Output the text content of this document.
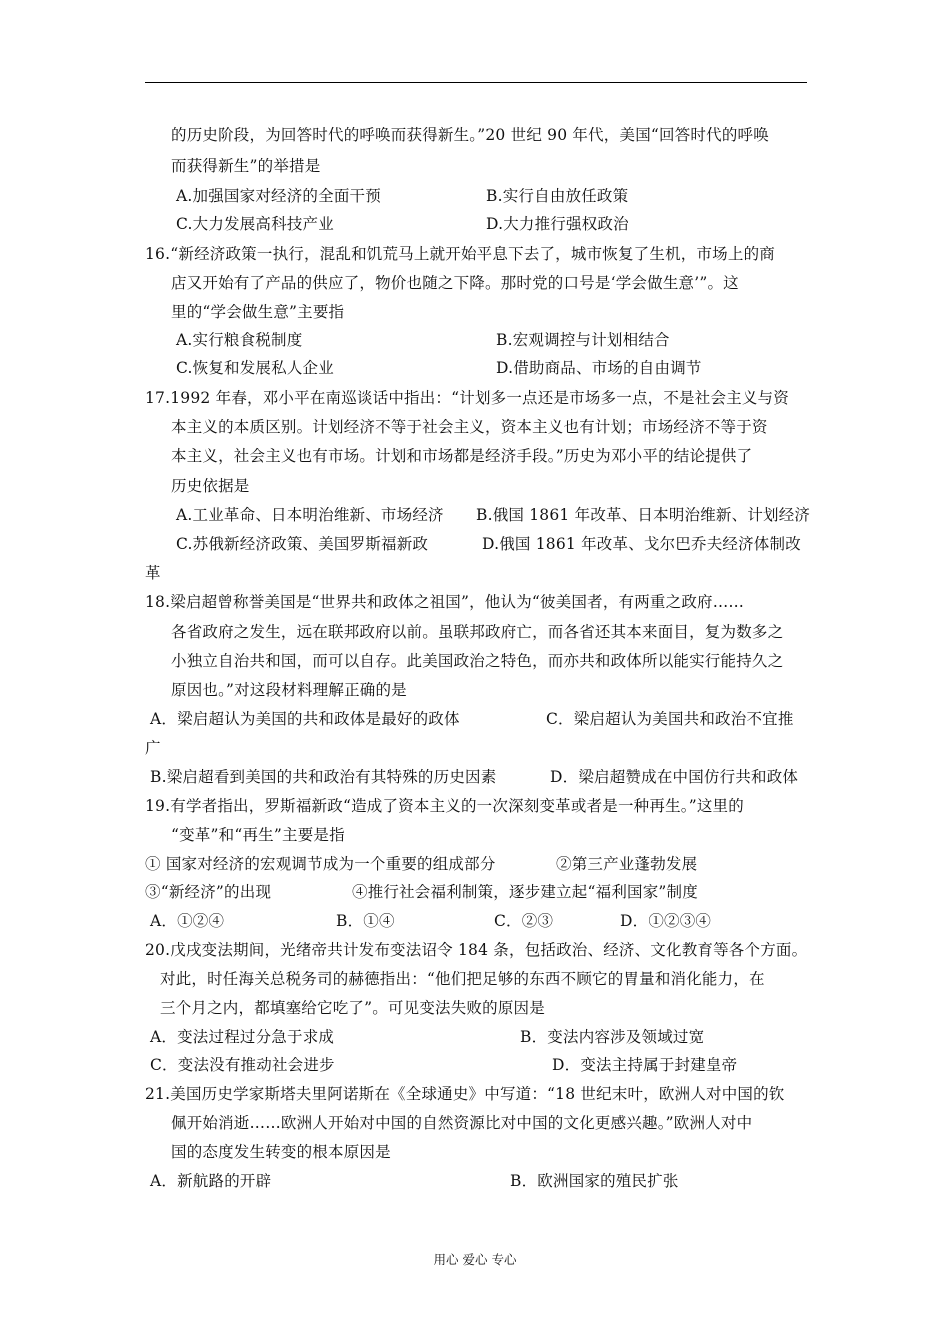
的历史阶段，为回答时代的呼唤而获得新生。”20 世纪 90 年代，美国“回答时代的呼唤
而获得新生”的举措是
A.加强国家对经济的全面干预	B.实行自由放任政策
C.大力发展高科技产业	D.大力推行强权政治
16.“新经济政策一执行，混乱和饥荒马上就开始平息下去了，城市恢复了生机，市场上的商
店又开始有了产品的供应了，物价也随之下降。那时党的口号是‘学会做生意’”。这
里的“学会做生意”主要指
A.实行粮食税制度	B.宏观调控与计划相结合
C.恢复和发展私人企业	D.借助商品、市场的自由调节
17.1992 年春，邓小平在南巡谈话中指出：“计划多一点还是市场多一点，不是社会主义与资
本主义的本质区别。计划经济不等于社会主义，资本主义也有计划；市场经济不等于资
本主义，社会主义也有市场。计划和市场都是经济手段。”历史为邓小平的结论提供了
历史依据是
A.工业革命、日本明治维新、市场经济 B.俄国 1861 年改革、日本明治维新、计划经济
C.苏俄新经济政策、美国罗斯福新政	D.俄国 1861 年改革、戈尔巴乔夫经济体制改
革
18.梁启超曾称誉美国是“世界共和政体之祖国”，他认为“彼美国者，有两重之政府……
各省政府之发生，远在联邦政府以前。虽联邦政府亡，而各省还其本来面目，复为数多之
小独立自治共和国，而可以自存。此美国政治之特色，而亦共和政体所以能实行能持久之
原因也。”对这段材料理解正确的是
A．梁启超认为美国的共和政体是最好的政体	C．梁启超认为美国共和政治不宜推
广
B.梁启超看到美国的共和政治有其特殊的历史因素	D．梁启超赞成在中国仿行共和政体
19.有学者指出，罗斯福新政“造成了资本主义的一次深刻变革或者是一种再生。”这里的
“变革”和“再生”主要是指
① 国家对经济的宏观调节成为一个重要的组成部分	②第三产业蓬勃发展
③“新经济”的出现	④推行社会福利制策，逐步建立起“福利国家”制度
A．①②④	B．①④	C．②③	D．①②③④
20.戊戌变法期间，光绪帝共计发布变法诏令 184 条，包括政治、经济、文化教育等各个方面。
对此，时任海关总税务司的赫德指出：“他们把足够的东西不顾它的胃量和消化能力，在
三个月之内，都填塞给它吃了”。可见变法失败的原因是
A．变法过程过分急于求成	B．变法内容涉及领域过宽
C．变法没有推动社会进步	D．变法主持属于封建皇帝
21.美国历史学家斯塔夫里阿诺斯在《全球通史》中写道：“18 世纪末叶，欧洲人对中国的钦
佩开始消逝……欧洲人开始对中国的自然资源比对中国的文化更感兴趣。”欧洲人对中
国的态度发生转变的根本原因是
A．新航路的开辟	B．欧洲国家的殖民扩张
用心 爱心 专心
